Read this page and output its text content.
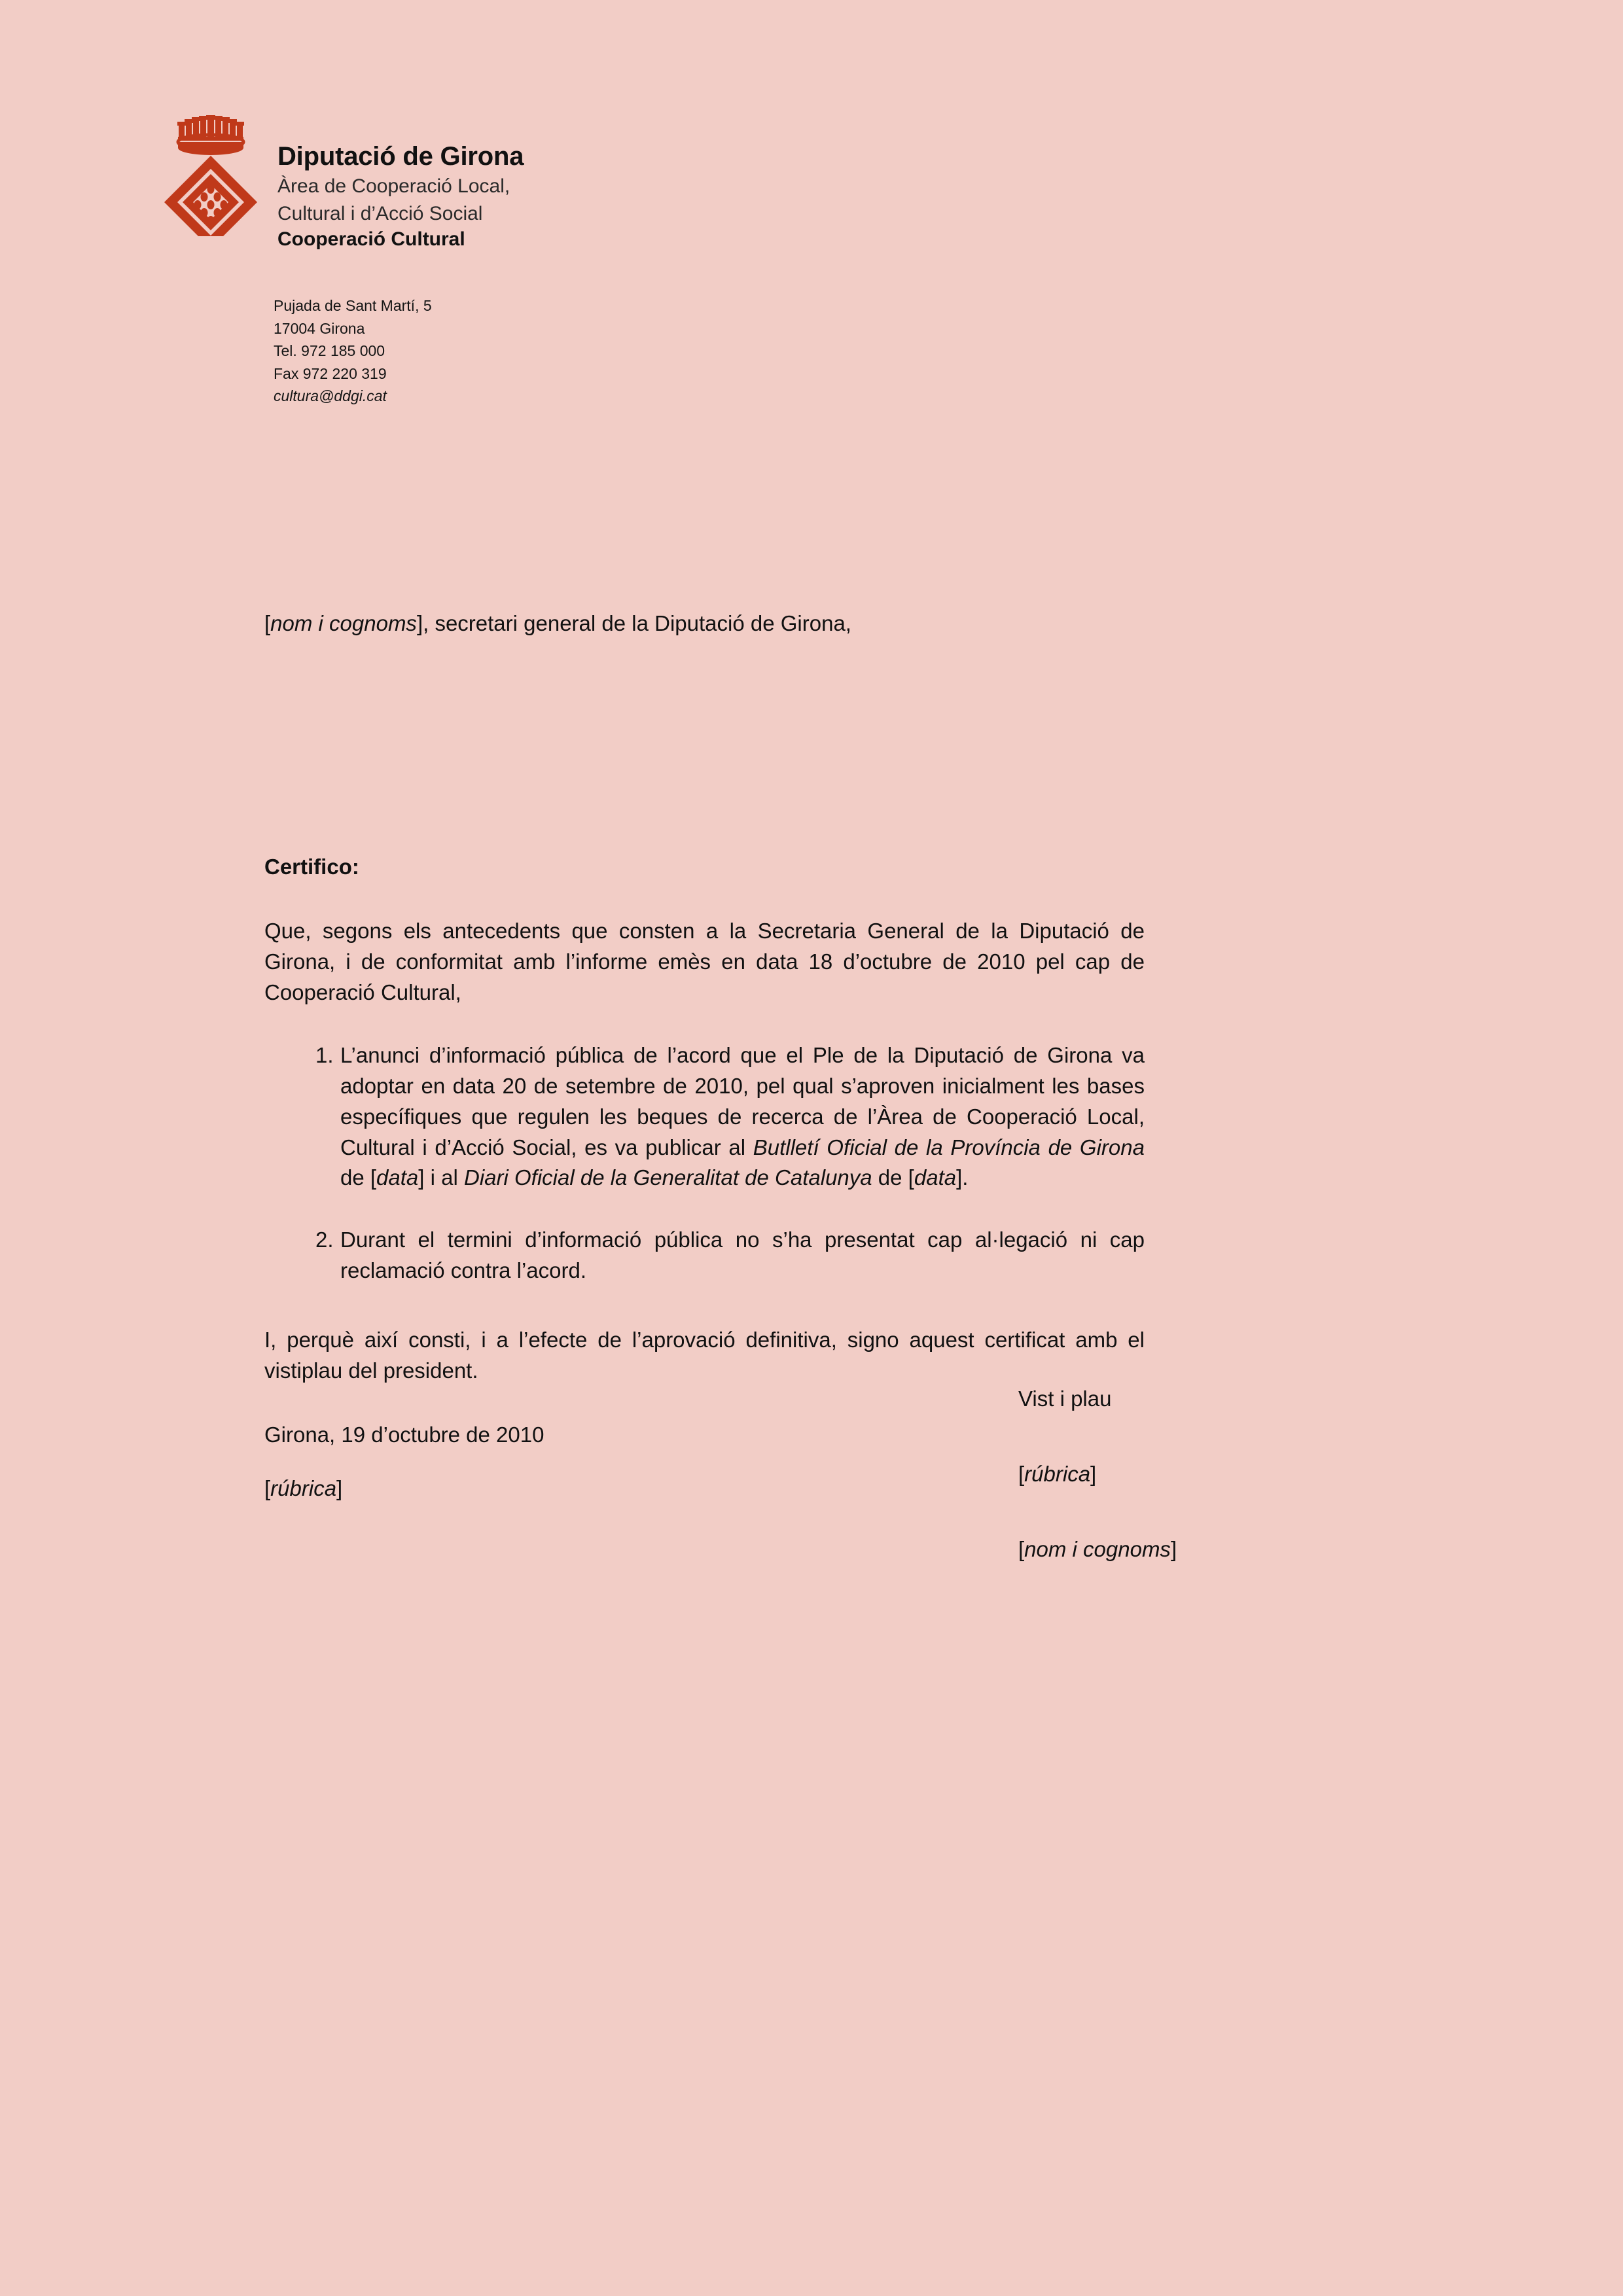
Diputació de Girona
Àrea de Cooperació Local,
Cultural i d’Acció Social
Cooperació Cultural
Pujada de Sant Martí, 5
17004 Girona
Tel. 972 185 000
Fax 972 220 319
cultura@ddgi.cat

[nom i cognoms], secretari general de la Diputació de Girona,

Certifico:

Que, segons els antecedents que consten a la Secretaria General de la Diputació de Girona, i de conformitat amb l’informe emès en data 18 d’octubre de 2010 pel cap de Cooperació Cultural,

1. L’anunci d’informació pública de l’acord que el Ple de la Diputació de Girona va adoptar en data 20 de setembre de 2010, pel qual s’aproven inicialment les bases específiques que regulen les beques de recerca de l’Àrea de Cooperació Local, Cultural i d’Acció Social, es va publicar al Butlletí Oficial de la Província de Girona de [data] i al Diari Oficial de la Generalitat de Catalunya de [data].
2. Durant el termini d’informació pública no s’ha presentat cap al·legació ni cap reclamació contra l’acord.

I, perquè així consti, i a l’efecte de l’aprovació definitiva, signo aquest certificat amb el vistiplau del president.

Girona, 19 d’octubre de 2010

[rúbrica]

Vist i plau

[rúbrica]

[nom i cognoms]
